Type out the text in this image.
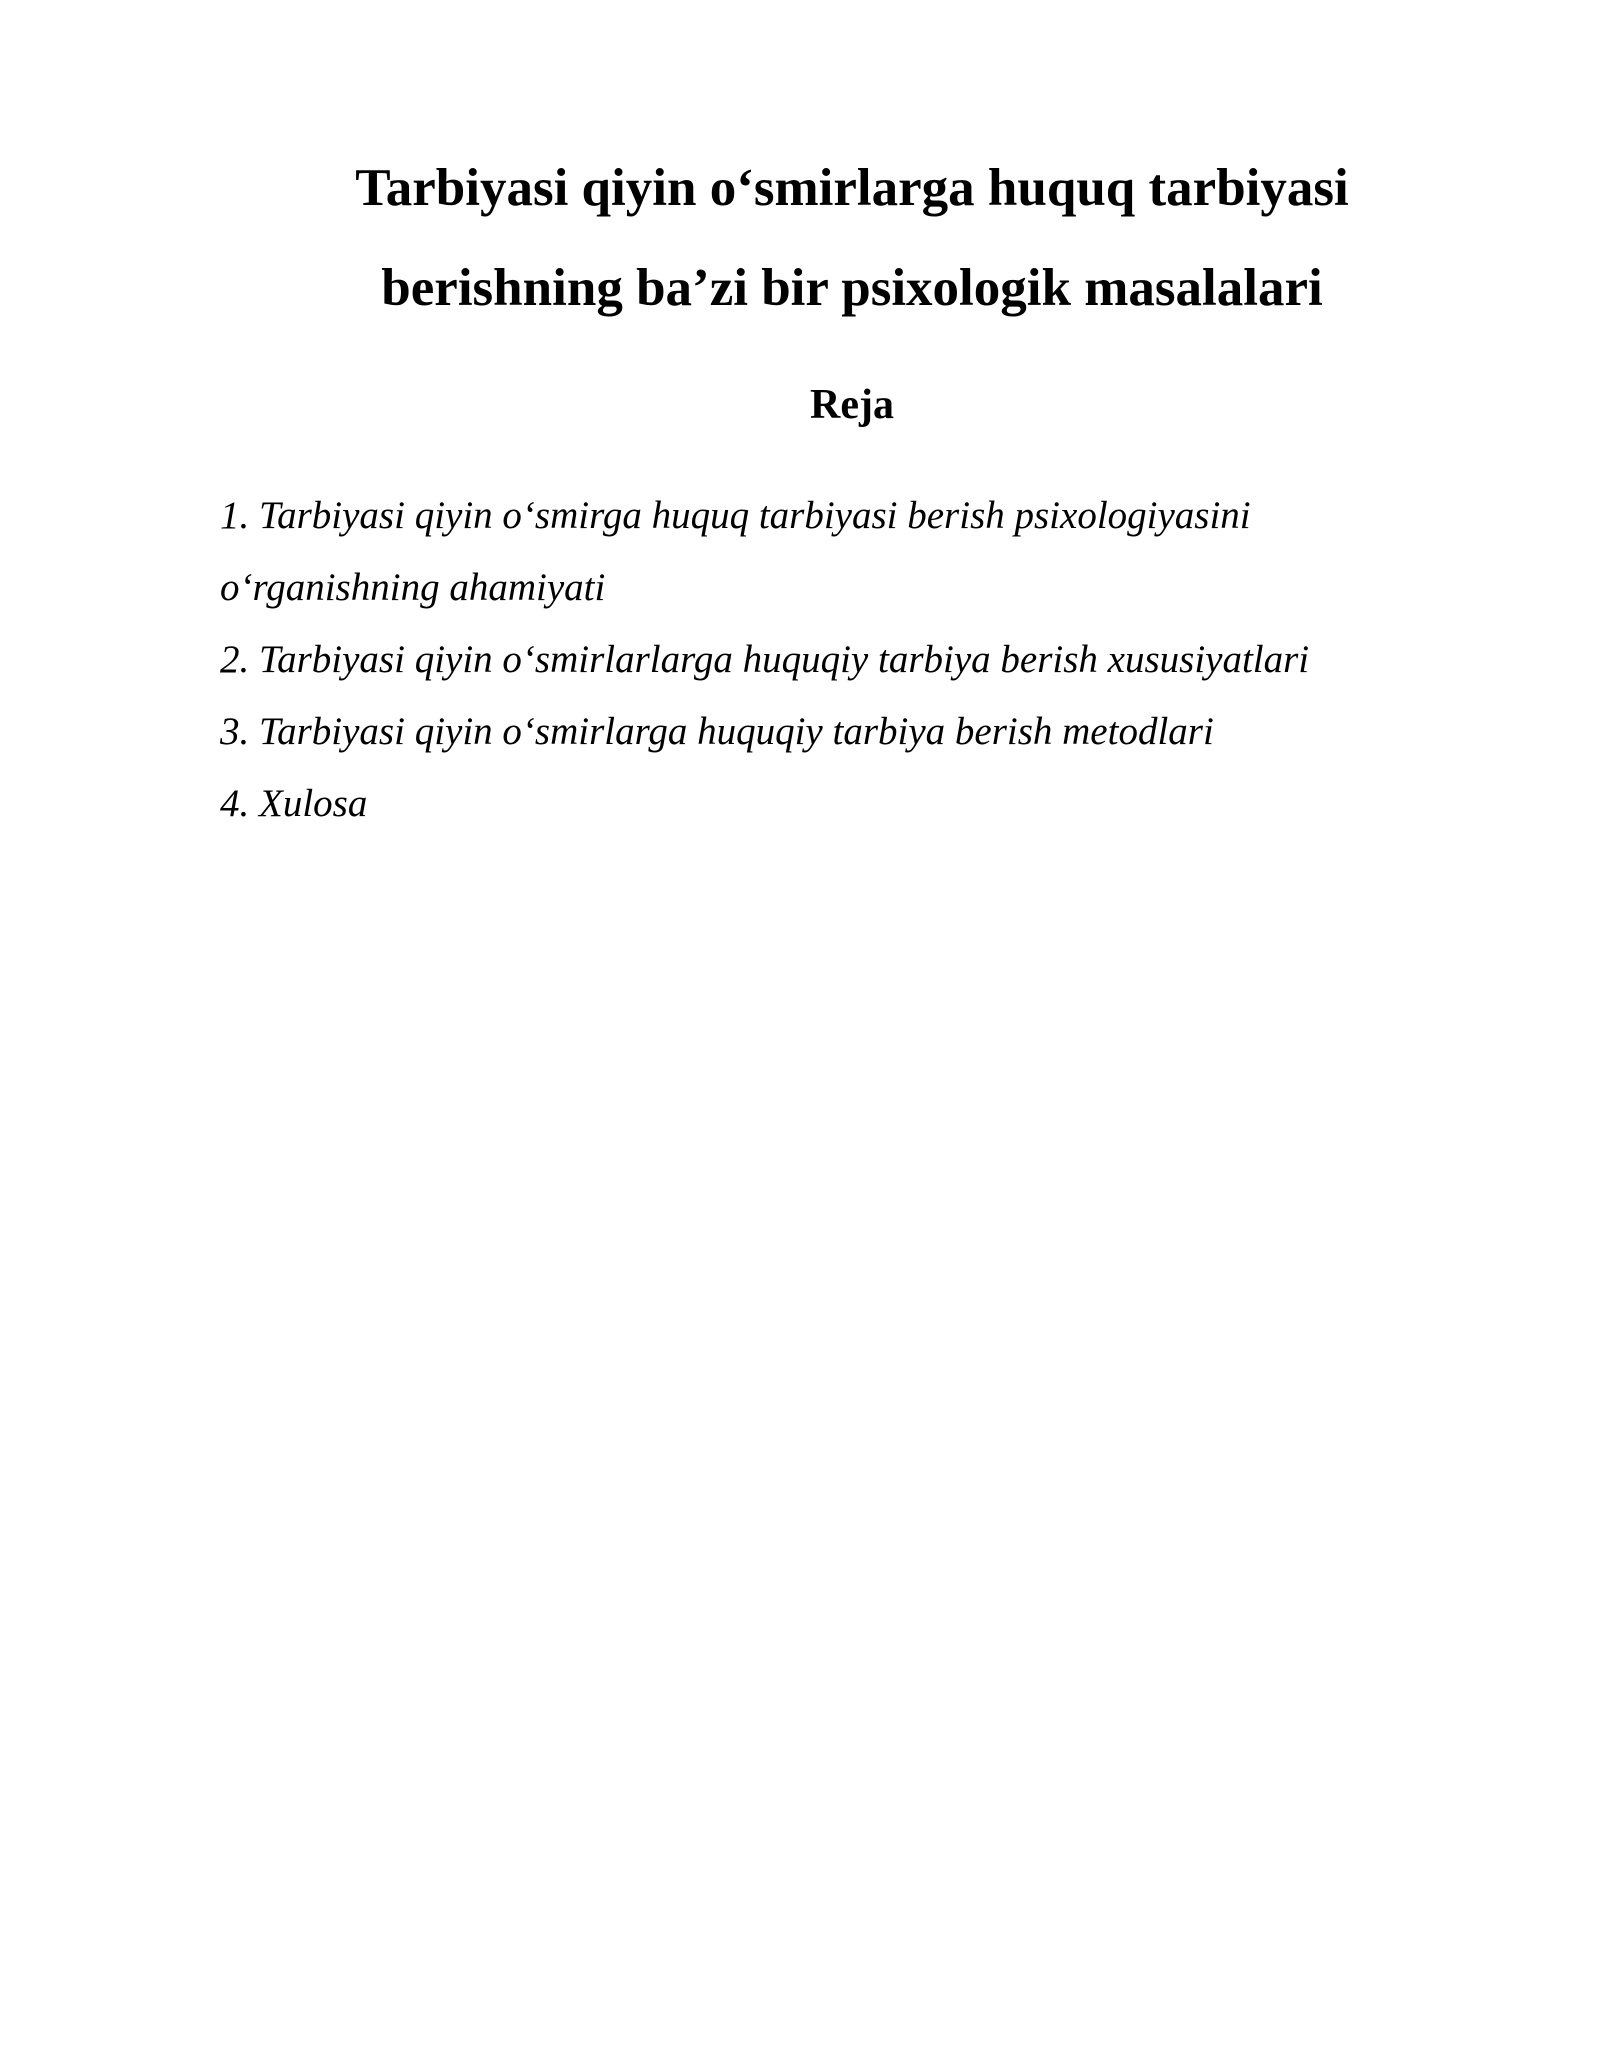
Tarbiyasi qiyin o‘smirlarga huquq tarbiyasi
berishning ba’zi bir psixologik masalalari
Reja
1. Tarbiyasi qiyin o‘smirga huquq tarbiyasi berish psixologiyasini
o‘rganishning ahamiyati
2. Tarbiyasi qiyin o‘smirlarlarga huquqiy tarbiya berish xususiyatlari
3. Tarbiyasi qiyin o‘smirlarga huquqiy tarbiya berish metodlari
4. Xulosa
